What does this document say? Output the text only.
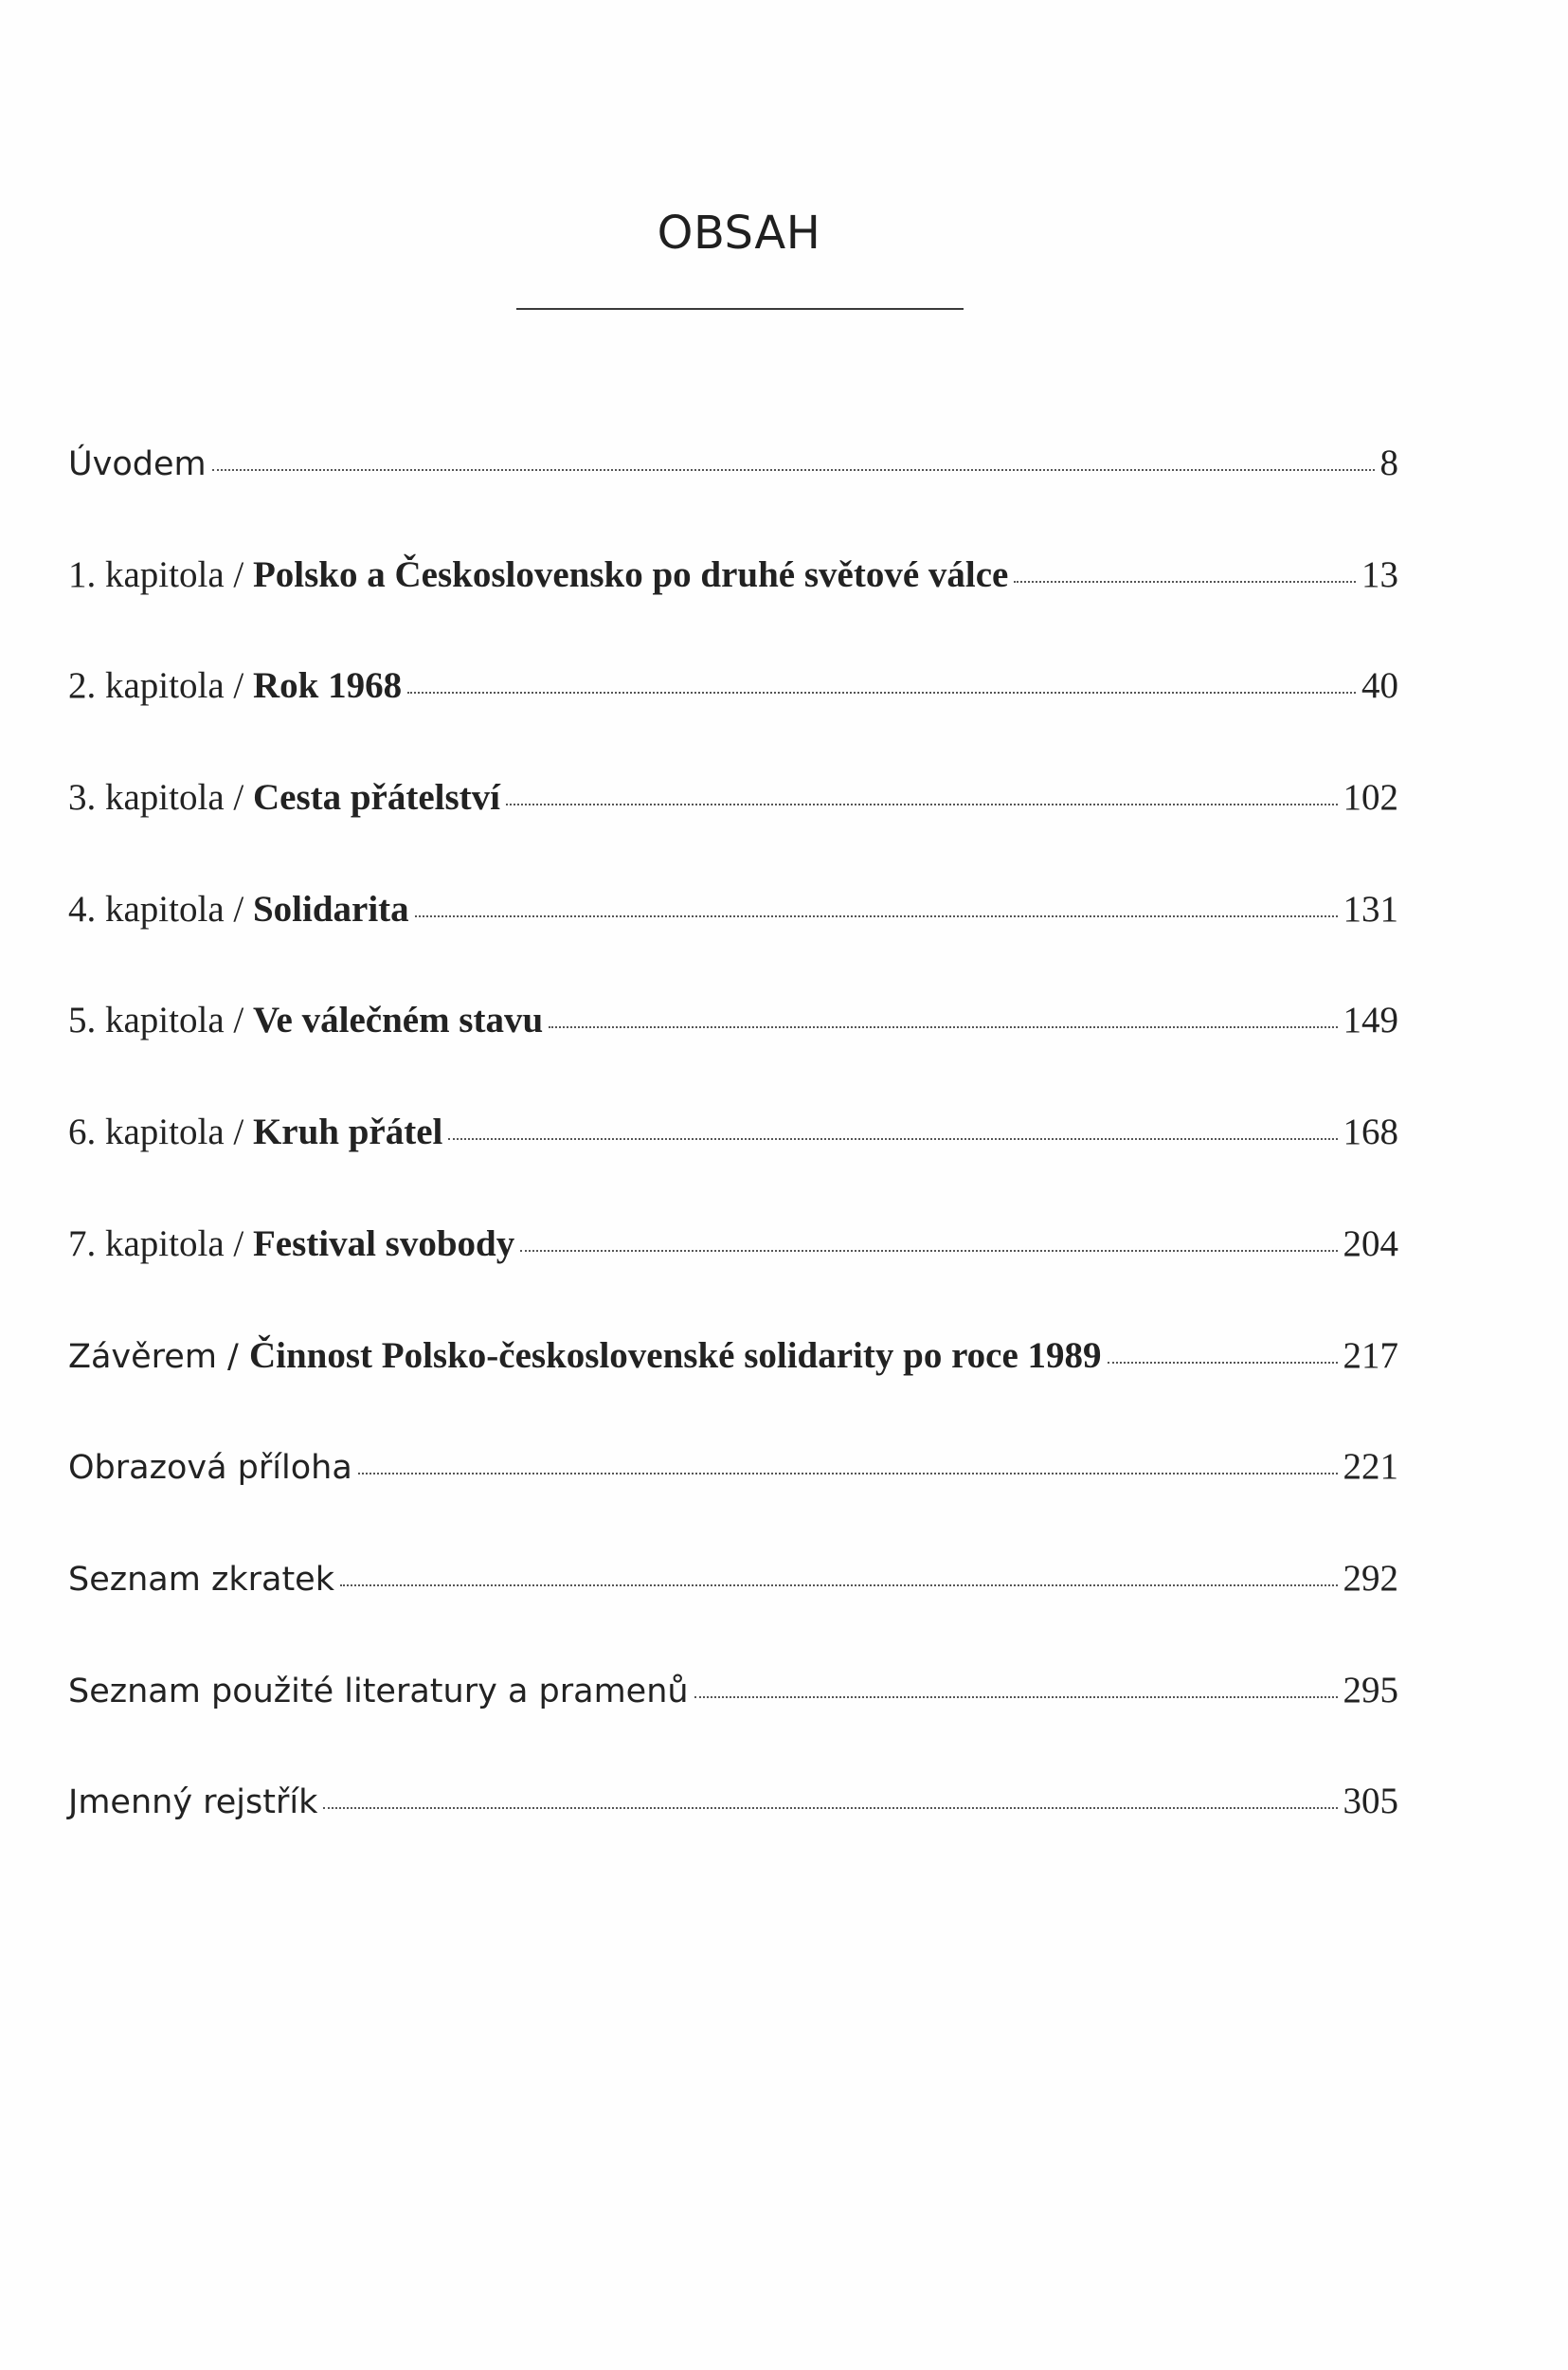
OBSAH
Úvodem	8
1. kapitola / Polsko a Československo po druhé světové válce	13
2. kapitola / Rok 1968	40
3. kapitola / Cesta přátelství	102
4. kapitola / Solidarita	131
5. kapitola / Ve válečném stavu	149
6. kapitola / Kruh přátel	168
7. kapitola / Festival svobody	204
Závěrem / Činnost Polsko-československé solidarity po roce 1989	217
Obrazová příloha	221
Seznam zkratek	292
Seznam použité literatury a pramenů	295
Jmenný rejstřík	305
